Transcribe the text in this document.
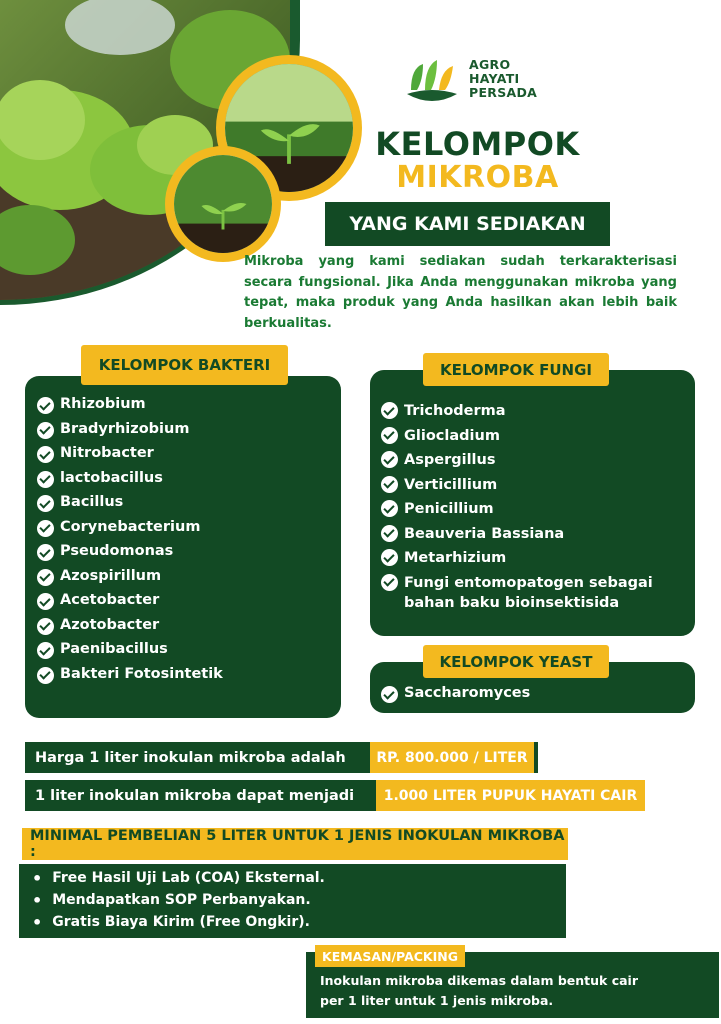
AGRO
HAYATI
PERSADA
KELOMPOK
MIKROBA
YANG KAMI SEDIAKAN
Mikroba yang kami sediakan sudah terkarakterisasi secara fungsional. Jika Anda menggunakan mikroba yang tepat, maka produk yang Anda hasilkan akan lebih baik berkualitas.
KELOMPOK BAKTERI
Rhizobium
Bradyrhizobium
Nitrobacter
lactobacillus
Bacillus
Corynebacterium
Pseudomonas
Azospirillum
Acetobacter
Azotobacter
Paenibacillus
Bakteri Fotosintetik
KELOMPOK FUNGI
Trichoderma
Gliocladium
Aspergillus
Verticillium
Penicillium
Beauveria Bassiana
Metarhizium
Fungi entomopatogen sebagai bahan baku bioinsektisida
KELOMPOK YEAST
Saccharomyces
Harga 1 liter inokulan mikroba adalah	RP. 800.000 / LITER
1 liter inokulan mikroba dapat menjadi	1.000 LITER PUPUK HAYATI CAIR
MINIMAL PEMBELIAN 5 LITER UNTUK 1 JENIS INOKULAN MIKROBA :
• Free Hasil Uji Lab (COA) Eksternal.
• Mendapatkan SOP Perbanyakan.
• Gratis Biaya Kirim (Free Ongkir).
KEMASAN/PACKING
Inokulan mikroba dikemas dalam bentuk cair
per 1 liter untuk 1 jenis mikroba.
